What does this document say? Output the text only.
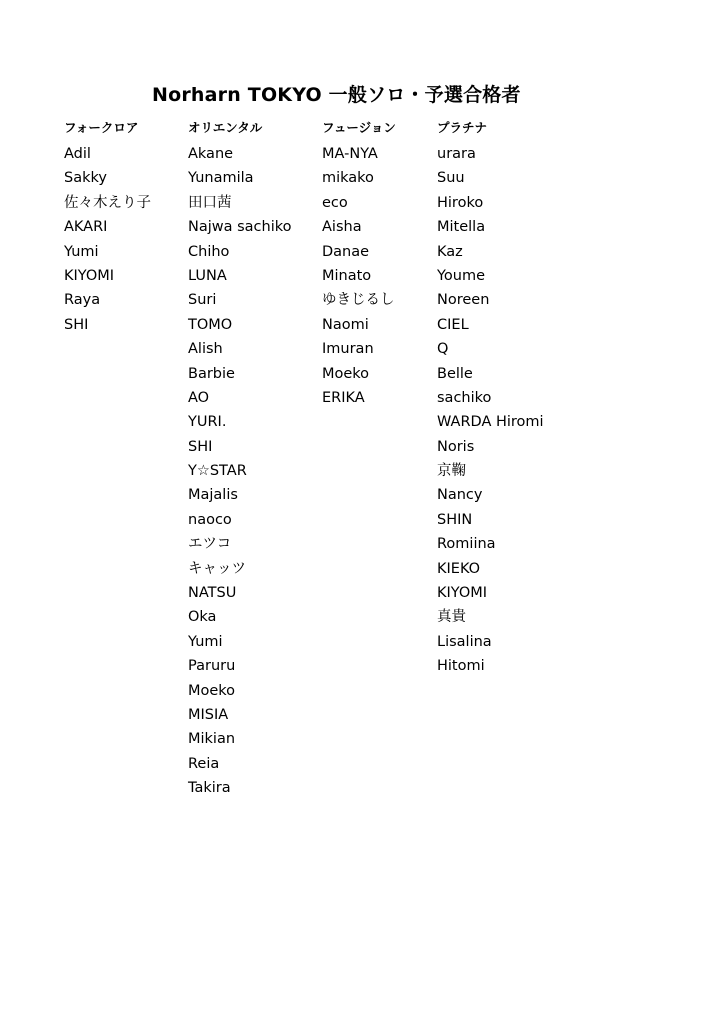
Norharn TOKYO 一般ソロ・予選合格者
フォークロア
Adil
Sakky
佐々木えり子
AKARI
Yumi
KIYOMI
Raya
SHI
オリエンタル
Akane
Yunamila
田口茜
Najwa sachiko
Chiho
LUNA
Suri
TOMO
Alish
Barbie
AO
YURI.
SHI
Y☆STAR
Majalis
naoco
エツコ
キャッツ
NATSU
Oka
Yumi
Paruru
Moeko
MISIA
Mikian
Reia
Takira
フュージョン
MA-NYA
mikako
eco
Aisha
Danae
Minato
ゆきじるし
Naomi
Imuran
Moeko
ERIKA
プラチナ
urara
Suu
Hiroko
Mitella
Kaz
Youme
Noreen
CIEL
Q
Belle
sachiko
WARDA Hiromi
Noris
京鞠
Nancy
SHIN
Romiina
KIEKO
KIYOMI
真貴
Lisalina
Hitomi
